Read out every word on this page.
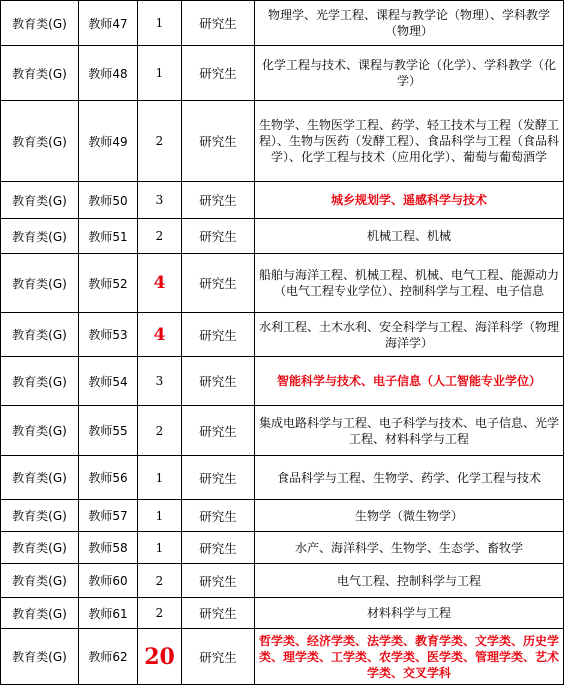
教育类(G)	教师47	1	研究生	物理学、光学工程、课程与教学论（物理）、学科教学（物理）
教育类(G)	教师48	1	研究生	化学工程与技术、课程与教学论（化学）、学科教学（化学）
教育类(G)	教师49	2	研究生	生物学、生物医学工程、药学、轻工技术与工程（发酵工程）、生物与医药（发酵工程）、食品科学与工程（食品科学）、化学工程与技术（应用化学）、葡萄与葡萄酒学
教育类(G)	教师50	3	研究生	城乡规划学、遥感科学与技术
教育类(G)	教师51	2	研究生	机械工程、机械
教育类(G)	教师52	4	研究生	船舶与海洋工程、机械工程、机械、电气工程、能源动力（电气工程专业学位）、控制科学与工程、电子信息
教育类(G)	教师53	4	研究生	水利工程、土木水利、安全科学与工程、海洋科学（物理海洋学）
教育类(G)	教师54	3	研究生	智能科学与技术、电子信息（人工智能专业学位）
教育类(G)	教师55	2	研究生	集成电路科学与工程、电子科学与技术、电子信息、光学工程、材料科学与工程
教育类(G)	教师56	1	研究生	食品科学与工程、生物学、药学、化学工程与技术
教育类(G)	教师57	1	研究生	生物学（微生物学）
教育类(G)	教师58	1	研究生	水产、海洋科学、生物学、生态学、畜牧学
教育类(G)	教师60	2	研究生	电气工程、控制科学与工程
教育类(G)	教师61	2	研究生	材料科学与工程
教育类(G)	教师62	20	研究生	哲学类、经济学类、法学类、教育学类、文学类、历史学类、理学类、工学类、农学类、医学类、管理学类、艺术学类、交叉学科
